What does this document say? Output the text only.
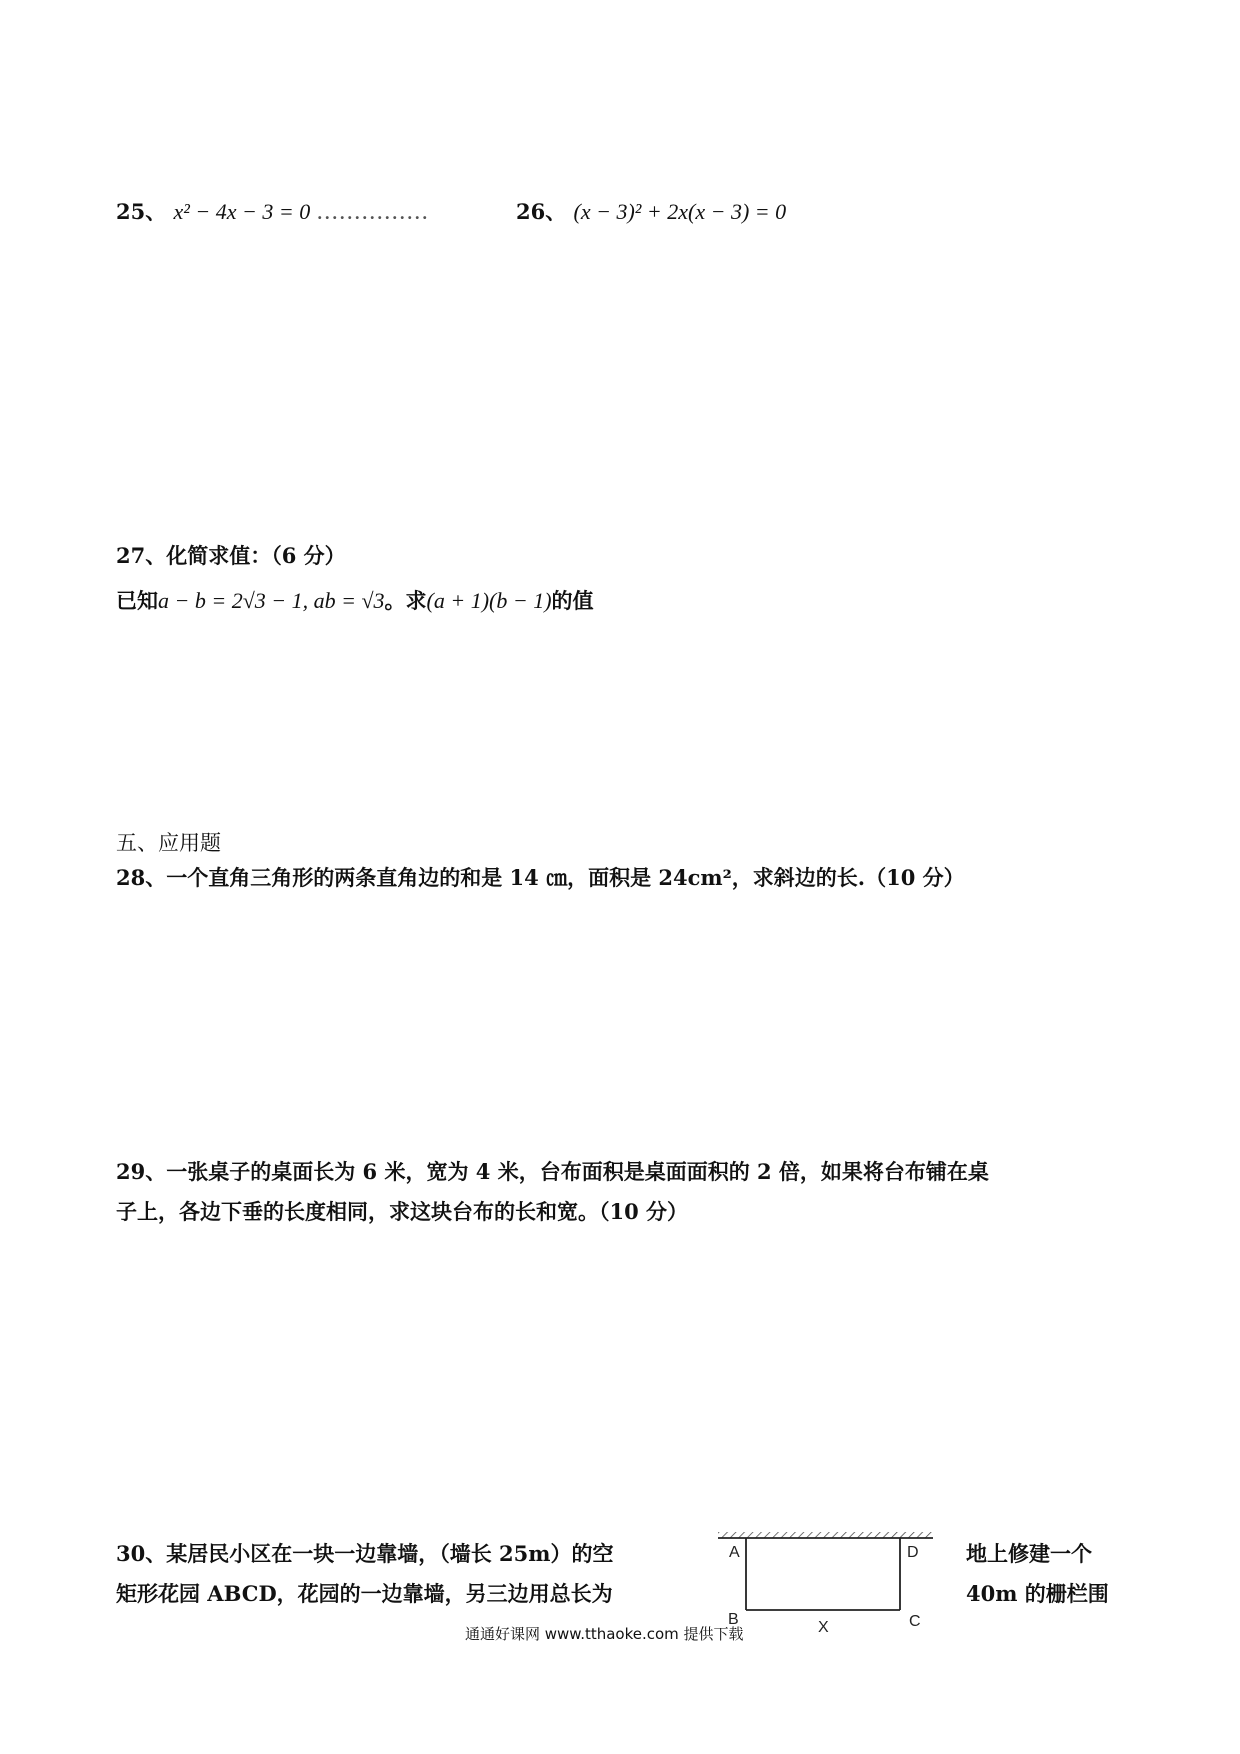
25、 x² − 4x − 3 = 0 ...............	26、 (x − 3)² + 2x(x − 3) = 0
27、化简求值：（6 分）
已知a − b = 2√3 − 1, ab = √3。求(a + 1)(b − 1)的值
五、应用题
28、一个直角三角形的两条直角边的和是 14 ㎝，面积是 24cm²，求斜边的长.（10 分）
29、一张桌子的桌面长为 6 米，宽为 4 米，台布面积是桌面面积的 2 倍，如果将台布铺在桌
子上，各边下垂的长度相同，求这块台布的长和宽。（10 分）
30、某居民小区在一块一边靠墙，（墙长 25m）的空
矩形花园 ABCD，花园的一边靠墙，另三边用总长为
地上修建一个
40m 的栅栏围
A	D
B	C
X
通通好课网 www.tthaoke.com 提供下载
